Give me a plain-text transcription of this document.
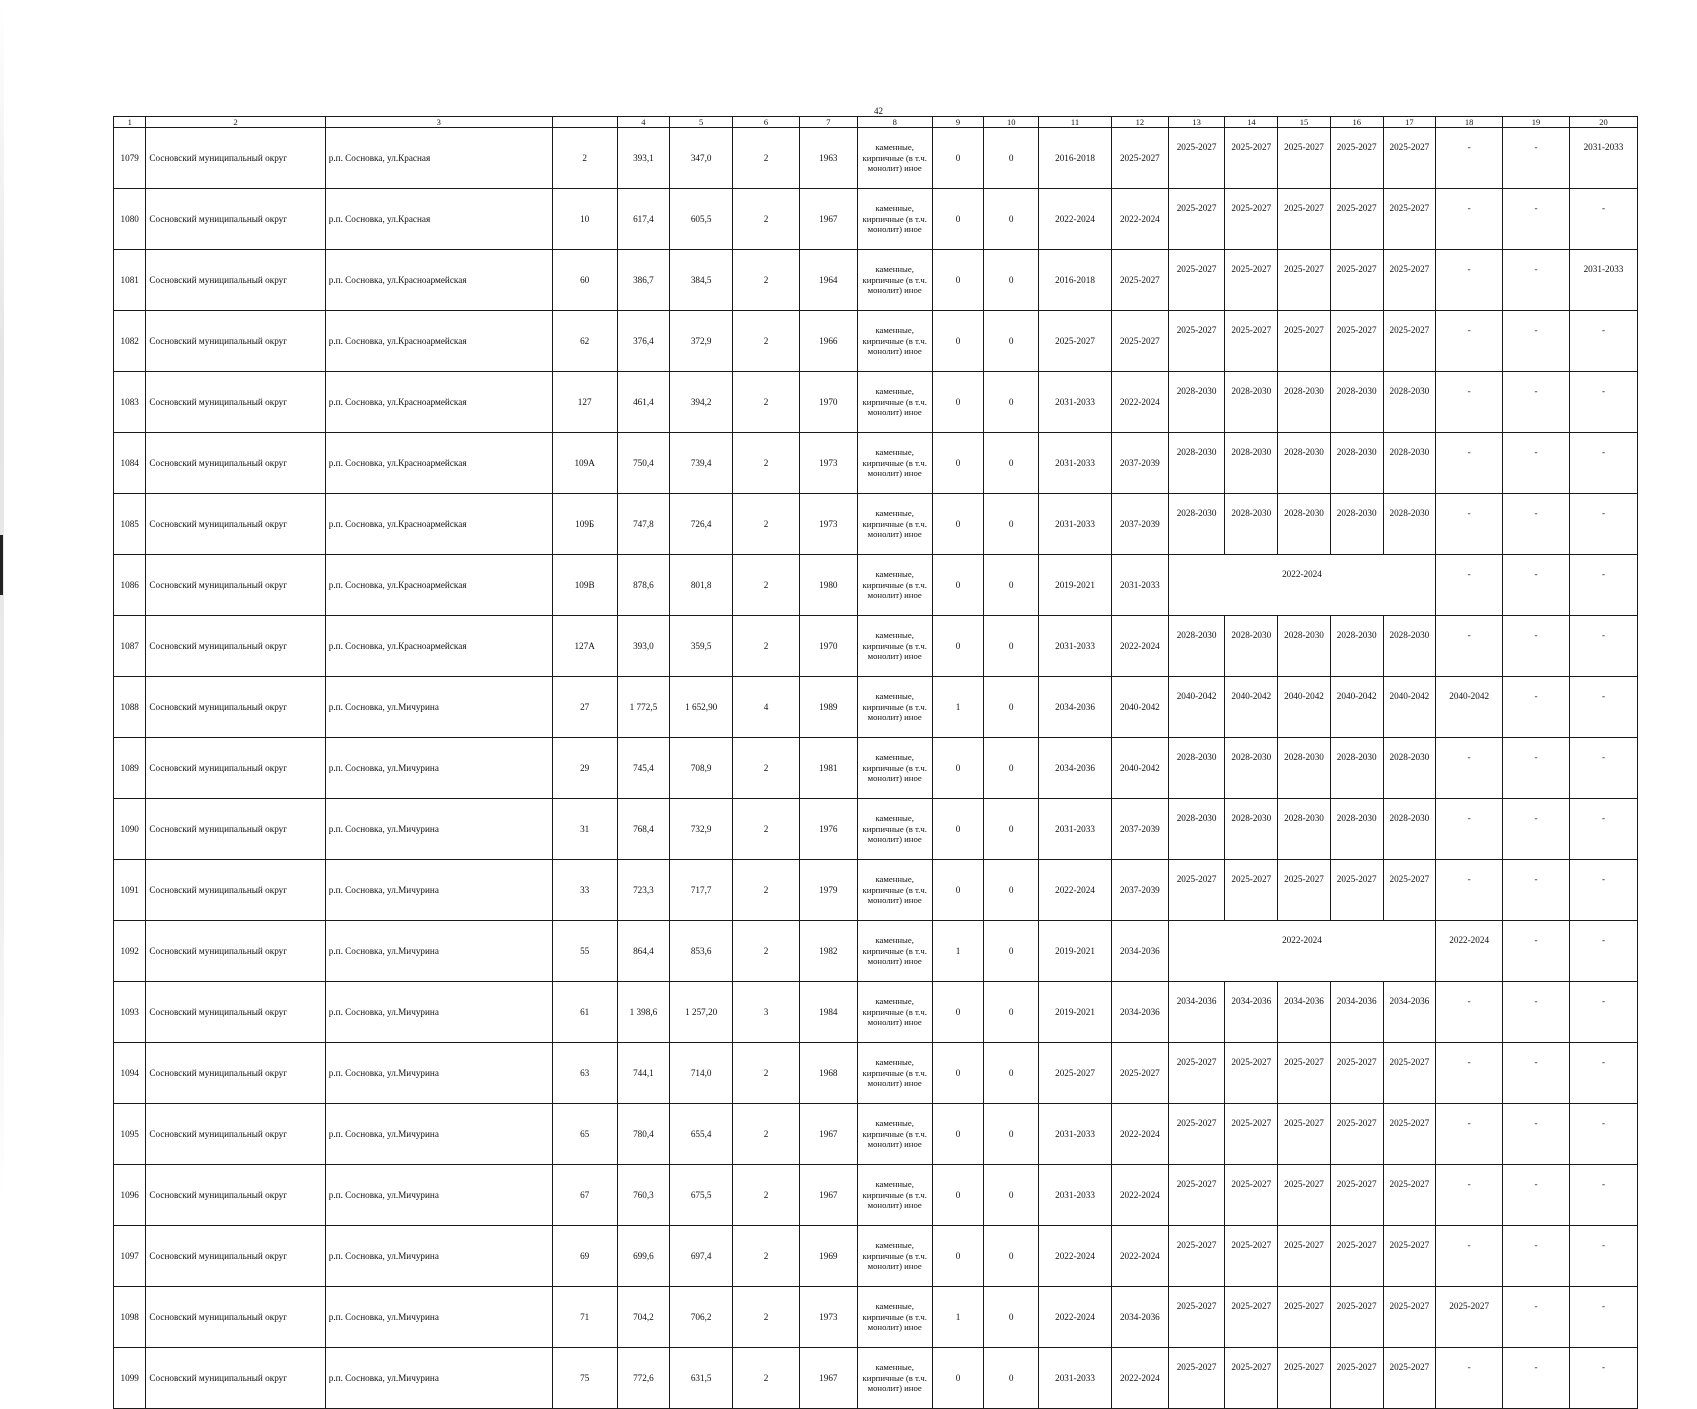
42
1	2	3		4	5	6	7	8	9	10	11	12	13	14	15	16	17	18	19	20
1079	Сосновский муниципальный округ	р.п. Сосновка, ул.Красная	2	393,1	347,0	2	1963	каменные, кирпичные (в т.ч. монолит) иное	0	0	2016-2018	2025-2027	2025-2027	2025-2027	2025-2027	2025-2027	2025-2027	-	-	2031-2033
1080	Сосновский муниципальный округ	р.п. Сосновка, ул.Красная	10	617,4	605,5	2	1967	каменные, кирпичные (в т.ч. монолит) иное	0	0	2022-2024	2022-2024	2025-2027	2025-2027	2025-2027	2025-2027	2025-2027	-	-	-
1081	Сосновский муниципальный округ	р.п. Сосновка, ул.Красноармейская	60	386,7	384,5	2	1964	каменные, кирпичные (в т.ч. монолит) иное	0	0	2016-2018	2025-2027	2025-2027	2025-2027	2025-2027	2025-2027	2025-2027	-	-	2031-2033
1082	Сосновский муниципальный округ	р.п. Сосновка, ул.Красноармейская	62	376,4	372,9	2	1966	каменные, кирпичные (в т.ч. монолит) иное	0	0	2025-2027	2025-2027	2025-2027	2025-2027	2025-2027	2025-2027	2025-2027	-	-	-
1083	Сосновский муниципальный округ	р.п. Сосновка, ул.Красноармейская	127	461,4	394,2	2	1970	каменные, кирпичные (в т.ч. монолит) иное	0	0	2031-2033	2022-2024	2028-2030	2028-2030	2028-2030	2028-2030	2028-2030	-	-	-
1084	Сосновский муниципальный округ	р.п. Сосновка, ул.Красноармейская	109А	750,4	739,4	2	1973	каменные, кирпичные (в т.ч. монолит) иное	0	0	2031-2033	2037-2039	2028-2030	2028-2030	2028-2030	2028-2030	2028-2030	-	-	-
1085	Сосновский муниципальный округ	р.п. Сосновка, ул.Красноармейская	109Б	747,8	726,4	2	1973	каменные, кирпичные (в т.ч. монолит) иное	0	0	2031-2033	2037-2039	2028-2030	2028-2030	2028-2030	2028-2030	2028-2030	-	-	-
1086	Сосновский муниципальный округ	р.п. Сосновка, ул.Красноармейская	109В	878,6	801,8	2	1980	каменные, кирпичные (в т.ч. монолит) иное	0	0	2019-2021	2031-2033	2022-2024					-	-	-
1087	Сосновский муниципальный округ	р.п. Сосновка, ул.Красноармейская	127А	393,0	359,5	2	1970	каменные, кирпичные (в т.ч. монолит) иное	0	0	2031-2033	2022-2024	2028-2030	2028-2030	2028-2030	2028-2030	2028-2030	-	-	-
1088	Сосновский муниципальный округ	р.п. Сосновка, ул.Мичурина	27	1 772,5	1 652,90	4	1989	каменные, кирпичные (в т.ч. монолит) иное	1	0	2034-2036	2040-2042	2040-2042	2040-2042	2040-2042	2040-2042	2040-2042	2040-2042	-	-
1089	Сосновский муниципальный округ	р.п. Сосновка, ул.Мичурина	29	745,4	708,9	2	1981	каменные, кирпичные (в т.ч. монолит) иное	0	0	2034-2036	2040-2042	2028-2030	2028-2030	2028-2030	2028-2030	2028-2030	-	-	-
1090	Сосновский муниципальный округ	р.п. Сосновка, ул.Мичурина	31	768,4	732,9	2	1976	каменные, кирпичные (в т.ч. монолит) иное	0	0	2031-2033	2037-2039	2028-2030	2028-2030	2028-2030	2028-2030	2028-2030	-	-	-
1091	Сосновский муниципальный округ	р.п. Сосновка, ул.Мичурина	33	723,3	717,7	2	1979	каменные, кирпичные (в т.ч. монолит) иное	0	0	2022-2024	2037-2039	2025-2027	2025-2027	2025-2027	2025-2027	2025-2027	-	-	-
1092	Сосновский муниципальный округ	р.п. Сосновка, ул.Мичурина	55	864,4	853,6	2	1982	каменные, кирпичные (в т.ч. монолит) иное	1	0	2019-2021	2034-2036	2022-2024					2022-2024	-	-
1093	Сосновский муниципальный округ	р.п. Сосновка, ул.Мичурина	61	1 398,6	1 257,20	3	1984	каменные, кирпичные (в т.ч. монолит) иное	0	0	2019-2021	2034-2036	2034-2036	2034-2036	2034-2036	2034-2036	2034-2036	-	-	-
1094	Сосновский муниципальный округ	р.п. Сосновка, ул.Мичурина	63	744,1	714,0	2	1968	каменные, кирпичные (в т.ч. монолит) иное	0	0	2025-2027	2025-2027	2025-2027	2025-2027	2025-2027	2025-2027	2025-2027	-	-	-
1095	Сосновский муниципальный округ	р.п. Сосновка, ул.Мичурина	65	780,4	655,4	2	1967	каменные, кирпичные (в т.ч. монолит) иное	0	0	2031-2033	2022-2024	2025-2027	2025-2027	2025-2027	2025-2027	2025-2027	-	-	-
1096	Сосновский муниципальный округ	р.п. Сосновка, ул.Мичурина	67	760,3	675,5	2	1967	каменные, кирпичные (в т.ч. монолит) иное	0	0	2031-2033	2022-2024	2025-2027	2025-2027	2025-2027	2025-2027	2025-2027	-	-	-
1097	Сосновский муниципальный округ	р.п. Сосновка, ул.Мичурина	69	699,6	697,4	2	1969	каменные, кирпичные (в т.ч. монолит) иное	0	0	2022-2024	2022-2024	2025-2027	2025-2027	2025-2027	2025-2027	2025-2027	-	-	-
1098	Сосновский муниципальный округ	р.п. Сосновка, ул.Мичурина	71	704,2	706,2	2	1973	каменные, кирпичные (в т.ч. монолит) иное	1	0	2022-2024	2034-2036	2025-2027	2025-2027	2025-2027	2025-2027	2025-2027	2025-2027	-	-
1099	Сосновский муниципальный округ	р.п. Сосновка, ул.Мичурина	75	772,6	631,5	2	1967	каменные, кирпичные (в т.ч. монолит) иное	0	0	2031-2033	2022-2024	2025-2027	2025-2027	2025-2027	2025-2027	2025-2027	-	-	-
